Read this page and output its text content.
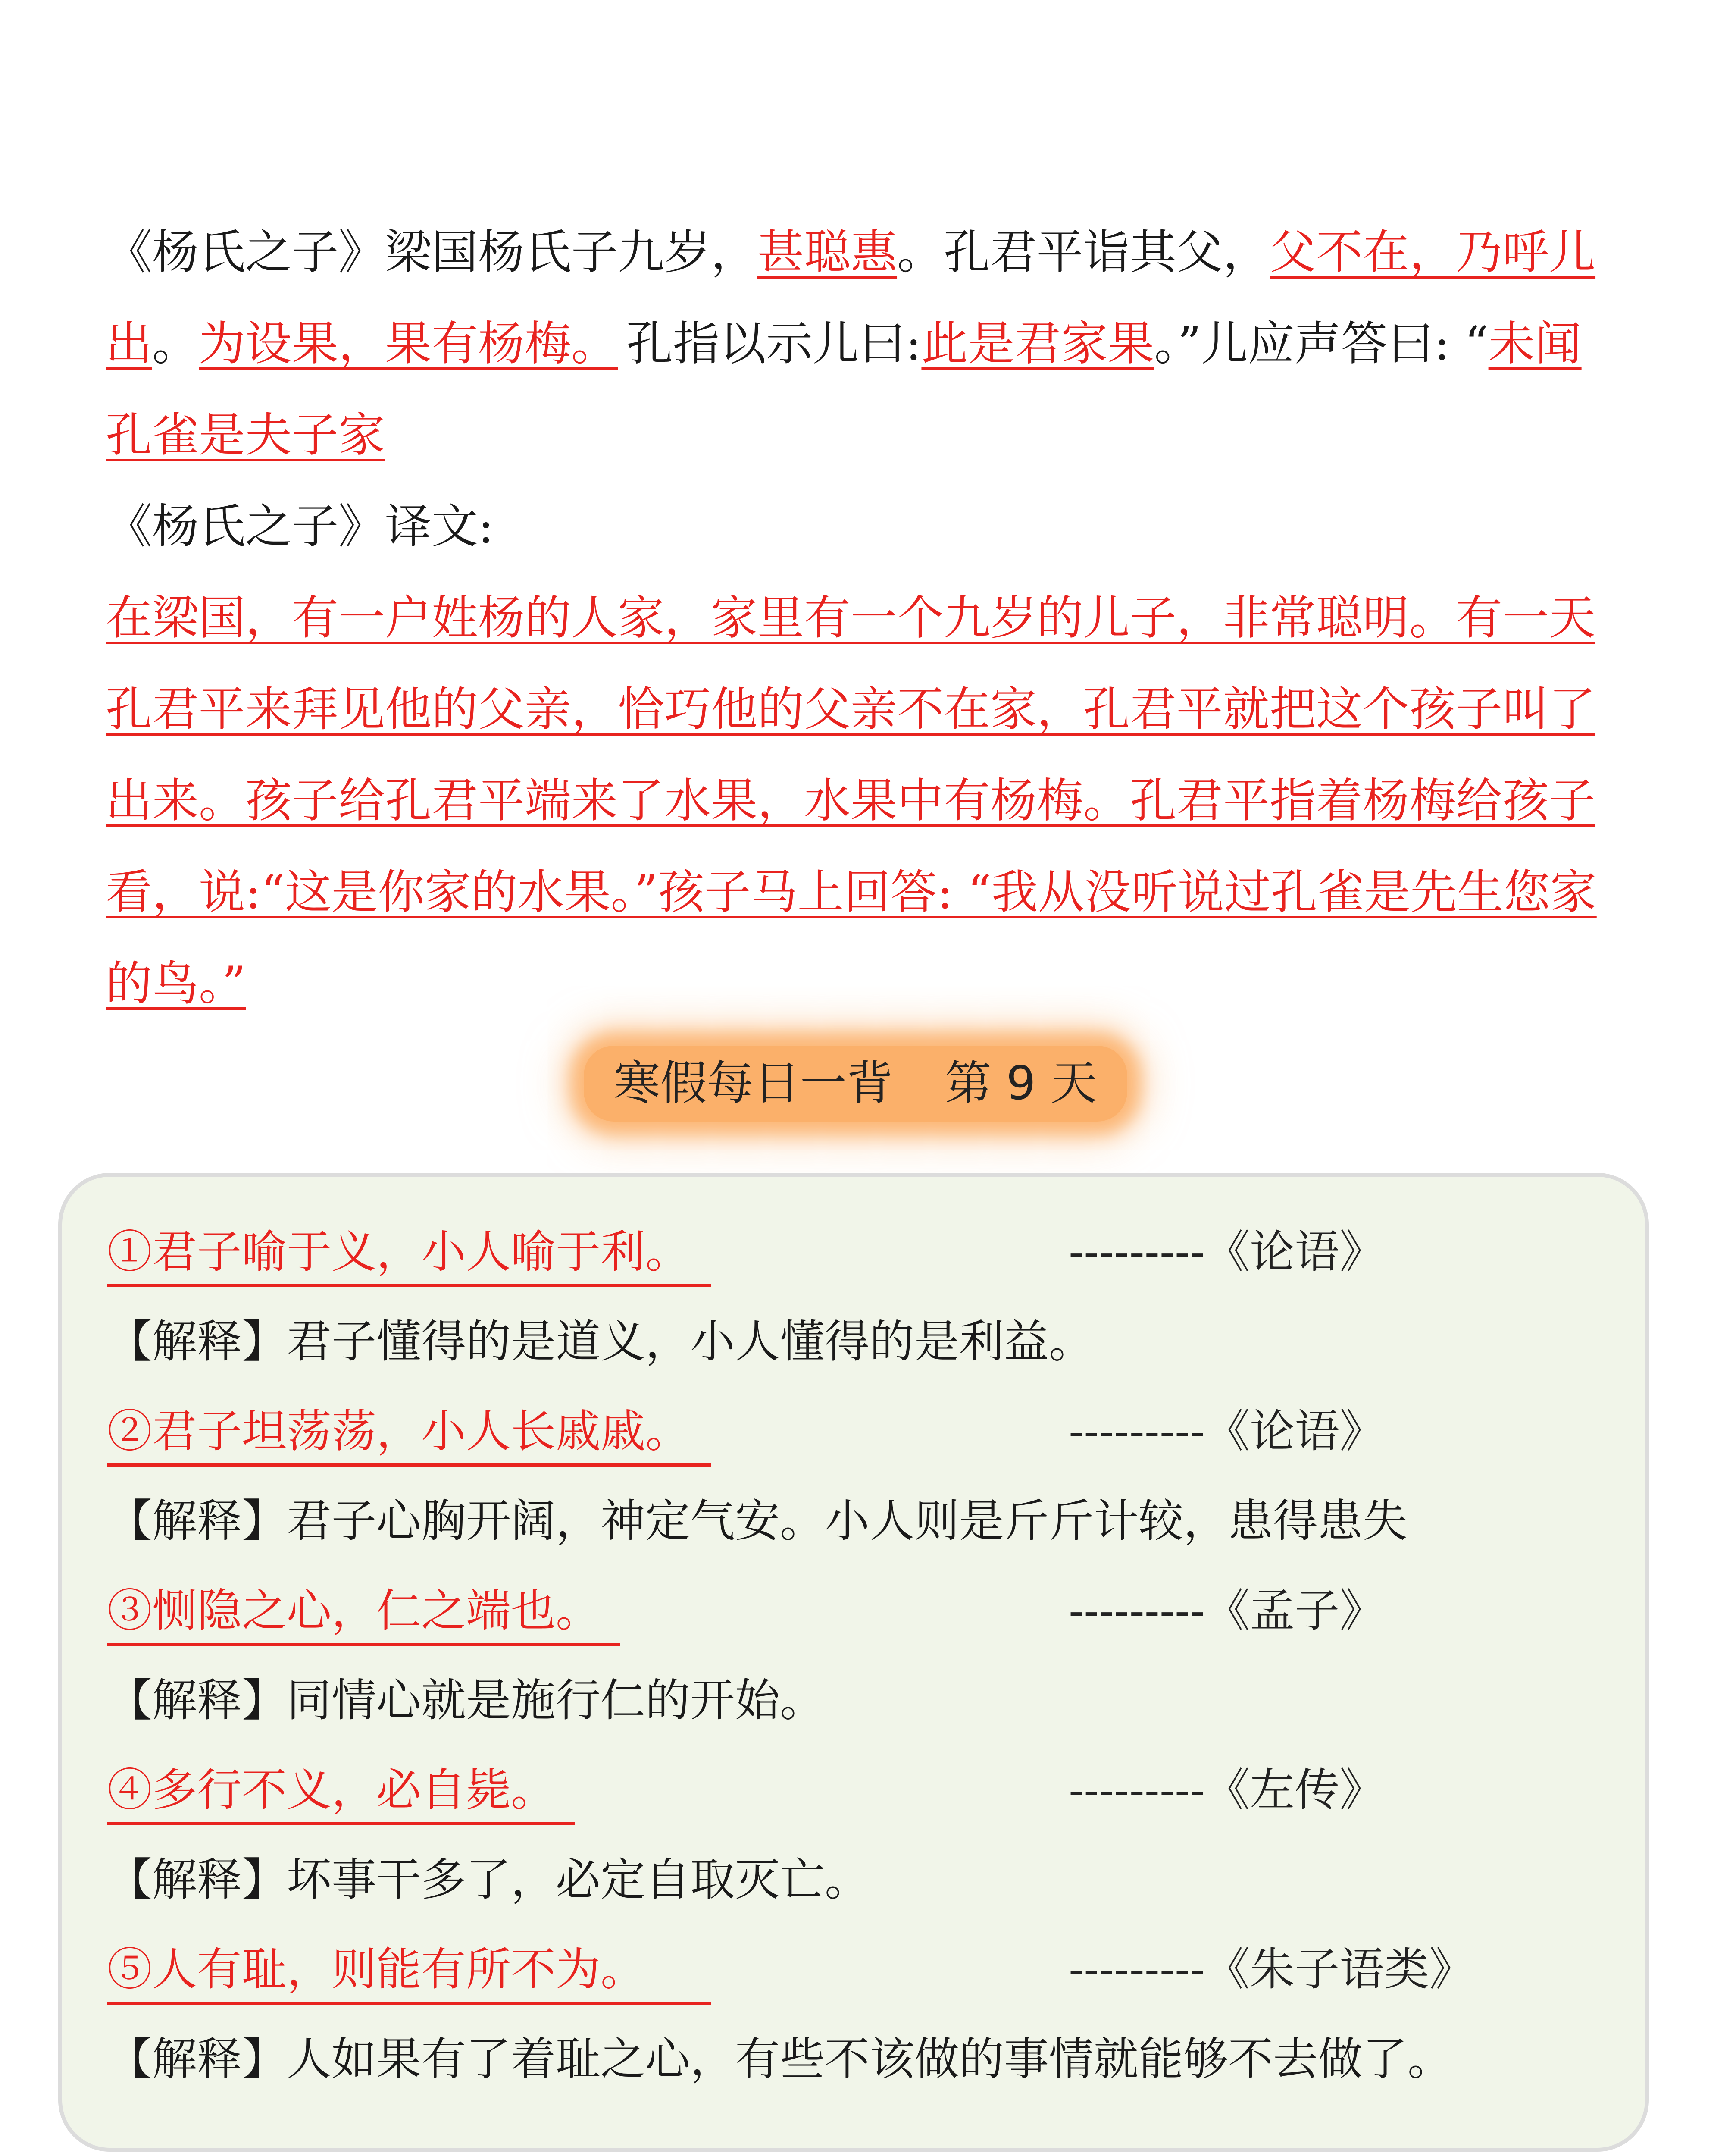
《杨氏之子》梁国杨氏子九岁，甚聪惠。孔君平诣其父，父不在，乃呼儿出。为设果，果有杨梅。 孔指以示儿曰:此是君家果。”儿应声答曰: “未闻孔雀是夫子家

《杨氏之子》译文:

在梁国，有一户姓杨的人家，家里有一个九岁的儿子，非常聪明。有一天孔君平来拜见他的父亲，恰巧他的父亲不在家，孔君平就把这个孩子叫了出来。孩子给孔君平端来了水果，水果中有杨梅。孔君平指着杨梅给孩子看，说:“这是你家的水果。”孩子马上回答: “我从没听说过孔雀是先生您家
的鸟。”

寒假每日一背 第 9 天
①君子喻于义，小人喻于利。	---------《论语》
【解释】君子懂得的是道义，小人懂得的是利益。
②君子坦荡荡，小人长戚戚。	---------《论语》
【解释】君子心胸开阔，神定气安。小人则是斤斤计较，患得患失
③恻隐之心，仁之端也。	---------《孟子》
【解释】同情心就是施行仁的开始。
④多行不义，必自毙。	---------《左传》
【解释】坏事干多了，必定自取灭亡。
⑤人有耻，则能有所不为。	---------《朱子语类》
【解释】人如果有了着耻之心，有些不该做的事情就能够不去做了。
